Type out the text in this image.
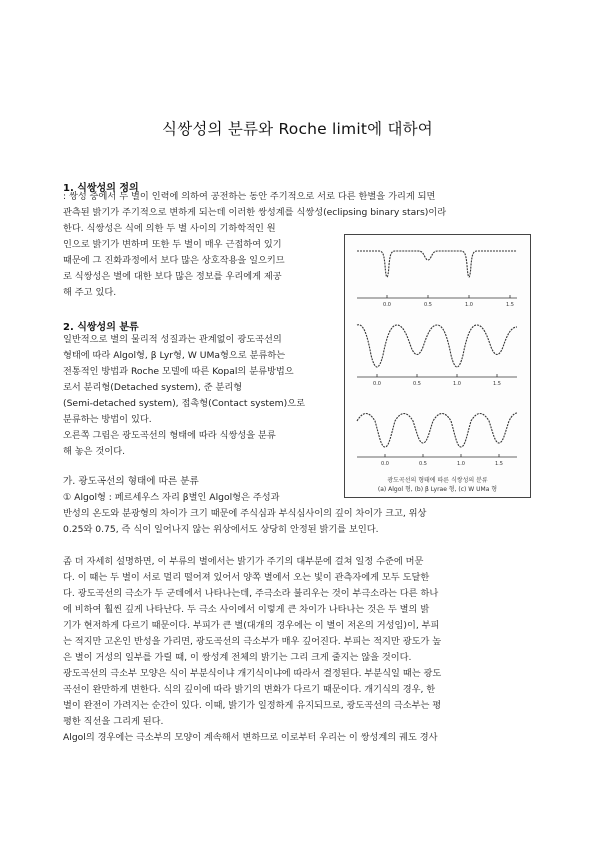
식쌍성의 분류와 Roche limit에 대하여
1. 식쌍성의 정의
: 쌍성 중에서 두 별이 인력에 의하여 공전하는 동안 주기적으로 서로 다른 한별을 가리게 되면
관측된 밝기가 주기적으로 변하게 되는데 이러한 쌍성계를 식쌍성(eclipsing binary stars)이라
한다. 식쌍성은 식에 의한 두 별 사이의 기하학적인 원
인으로 밝기가 변하며 또한 두 별이 매우 근접하여 있기
때문에 그 진화과정에서 보다 많은 상호작용을 일으키므
로 식쌍성은 별에 대한 보다 많은 정보를 우리에게 제공
해 주고 있다.
2. 식쌍성의 분류
일반적으로 별의 물리적 성질과는 관계없이 광도곡선의
형태에 따라 Algol형, β Lyr형, W UMa형으로 분류하는
전통적인 방법과 Roche 모델에 따른 Kopal의 분류방법으
로서 분리형(Detached system), 준 분리형
(Semi-detached system), 접촉형(Contact system)으로
분류하는 방법이 있다.
오른쪽 그림은 광도곡선의 형태에 따라 식쌍성을 분류
해 놓은 것이다.
가. 광도곡선의 형태에 따른 분류
① Algol형 : 페르세우스 자리 β별인 Algol형은 주성과
반성의 온도와 분광형의 차이가 크기 때문에 주식심과 부식심사이의 깊이 차이가 크고, 위상
0.25와 0.75, 즉 식이 일어나지 않는 위상에서도 상당히 안정된 밝기를 보인다.
좀 더 자세히 설명하면, 이 부류의 별에서는 밝기가 주기의 대부분에 걸쳐 일정 수준에 머문
다. 이 때는 두 별이 서로 멀리 떨어져 있어서 양쪽 별에서 오는 빛이 관측자에게 모두 도달한
다. 광도곡선의 극소가 두 군데에서 나타나는데, 주극소라 불리우는 것이 부극소라는 다른 하나
에 비하여 훨씬 깊게 나타난다. 두 극소 사이에서 이렇게 큰 차이가 나타나는 것은 두 별의 밝
기가 현저하게 다르기 때문이다. 부피가 큰 별(대개의 경우에는 이 별이 저온의 거성임)이, 부피
는 적지만 고온인 반성을 가리면, 광도곡선의 극소부가 매우 깊어진다. 부피는 적지만 광도가 높
은 별이 거성의 일부를 가릴 때, 이 쌍성계 전체의 밝기는 그리 크게 줄지는 않을 것이다.
광도곡선의 극소부 모양은 식이 부분식이냐 개기식이냐에 따라서 결정된다. 부분식일 때는 광도
곡선이 완만하게 변한다. 식의 깊이에 따라 밝기의 변화가 다르기 때문이다. 개기식의 경우, 한
별이 완전이 가려지는 순간이 있다. 이때, 밝기가 일정하게 유지되므로, 광도곡선의 극소부는 평
평한 직선을 그리게 된다.
Algol의 경우에는 극소부의 모양이 계속해서 변하므로 이로부터 우리는 이 쌍성계의 궤도 경사
0.0	0.5	1.0	1.5
0.0	0.5	1.0	1.5
0.0	0.5	1.0	1.5
광도곡선의 형태에 따른 식쌍성의 분류
(a) Algol 형, (b) β Lyrae 형, (c) W UMa 형
